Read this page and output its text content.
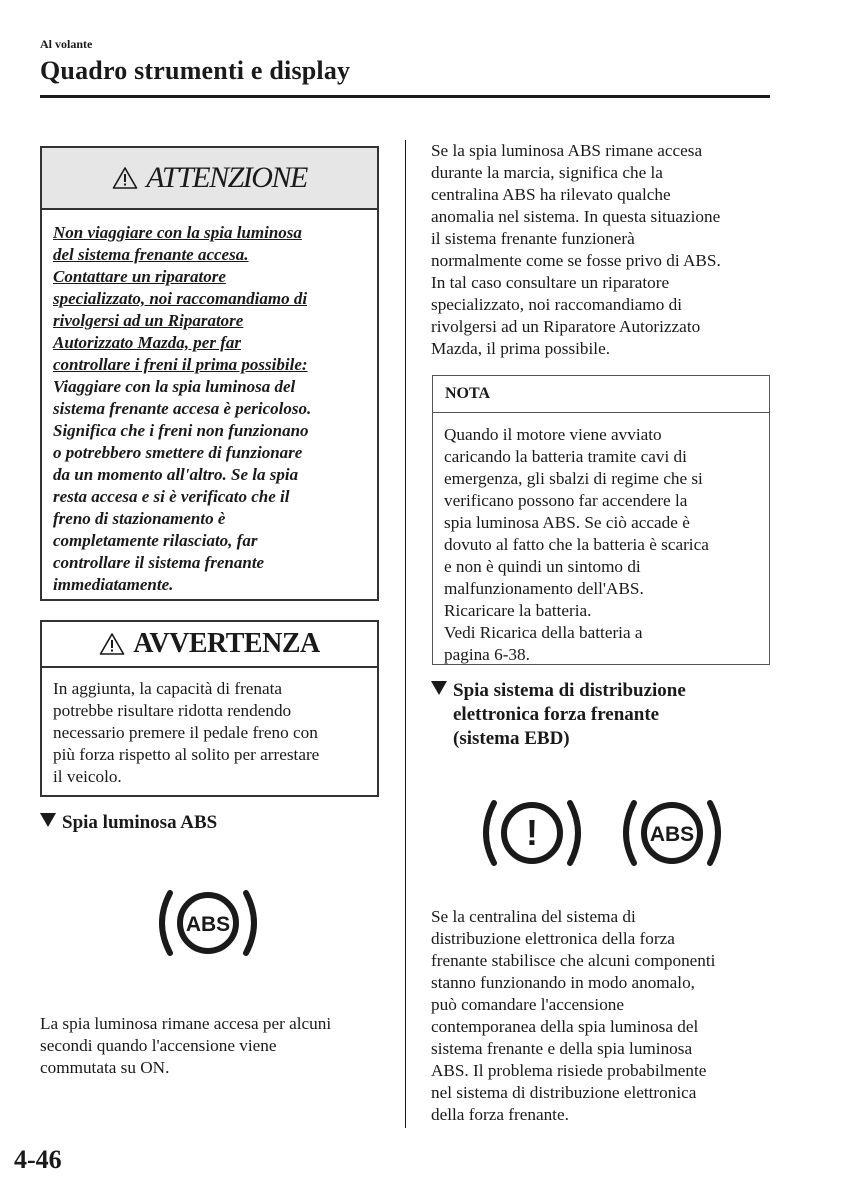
Al volante
Quadro strumenti e display
ATTENZIONE
Non viaggiare con la spia luminosa
del sistema frenante accesa.
Contattare un riparatore
specializzato, noi raccomandiamo di
rivolgersi ad un Riparatore
Autorizzato Mazda, per far
controllare i freni il prima possibile:
Viaggiare con la spia luminosa del
sistema frenante accesa è pericoloso.
Significa che i freni non funzionano
o potrebbero smettere di funzionare
da un momento all'altro. Se la spia
resta accesa e si è verificato che il
freno di stazionamento è
completamente rilasciato, far
controllare il sistema frenante
immediatamente.
AVVERTENZA
In aggiunta, la capacità di frenata
potrebbe risultare ridotta rendendo
necessario premere il pedale freno con
più forza rispetto al solito per arrestare
il veicolo.
Spia luminosa ABS
ABS
La spia luminosa rimane accesa per alcuni
secondi quando l'accensione viene
commutata su ON.
Se la spia luminosa ABS rimane accesa
durante la marcia, significa che la
centralina ABS ha rilevato qualche
anomalia nel sistema. In questa situazione
il sistema frenante funzionerà
normalmente come se fosse privo di ABS.
In tal caso consultare un riparatore
specializzato, noi raccomandiamo di
rivolgersi ad un Riparatore Autorizzato
Mazda, il prima possibile.
NOTA
Quando il motore viene avviato
caricando la batteria tramite cavi di
emergenza, gli sbalzi di regime che si
verificano possono far accendere la
spia luminosa ABS. Se ciò accade è
dovuto al fatto che la batteria è scarica
e non è quindi un sintomo di
malfunzionamento dell'ABS.
Ricaricare la batteria.
Vedi Ricarica della batteria a
pagina 6-38.
Spia sistema di distribuzione
elettronica forza frenante
(sistema EBD)
!	ABS
Se la centralina del sistema di
distribuzione elettronica della forza
frenante stabilisce che alcuni componenti
stanno funzionando in modo anomalo,
può comandare l'accensione
contemporanea della spia luminosa del
sistema frenante e della spia luminosa
ABS. Il problema risiede probabilmente
nel sistema di distribuzione elettronica
della forza frenante.
4-46
